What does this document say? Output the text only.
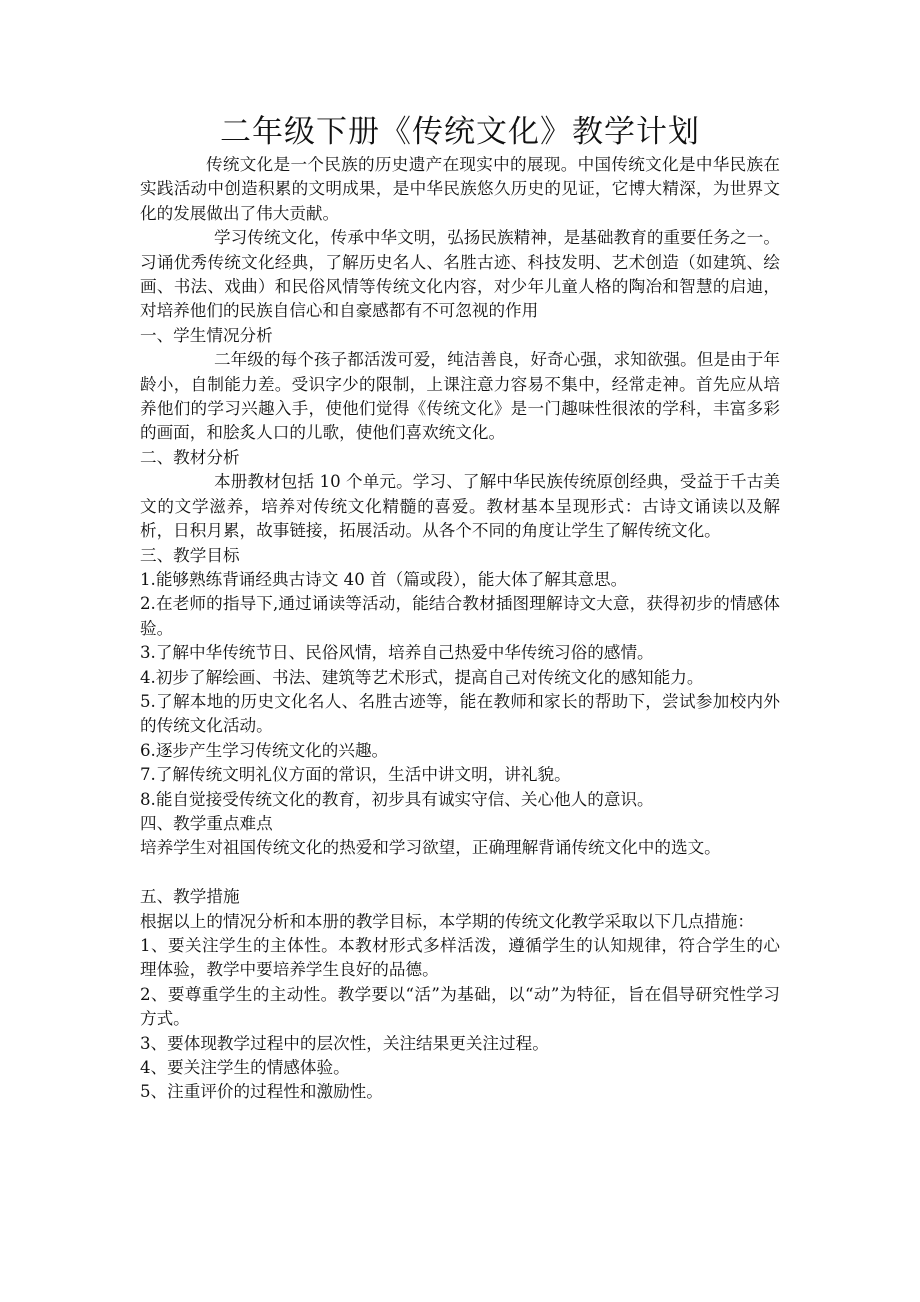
二年级下册《传统文化》教学计划

传统文化是一个民族的历史遗产在现实中的展现。中国传统文化是中华民族在实践活动中创造积累的文明成果，是中华民族悠久历史的见证，它博大精深，为世界文化的发展做出了伟大贡献。

学习传统文化，传承中华文明，弘扬民族精神，是基础教育的重要任务之一。习诵优秀传统文化经典，了解历史名人、名胜古迹、科技发明、艺术创造（如建筑、绘画、书法、戏曲）和民俗风情等传统文化内容，对少年儿童人格的陶冶和智慧的启迪，对培养他们的民族自信心和自豪感都有不可忽视的作用

一、学生情况分析

二年级的每个孩子都活泼可爱，纯洁善良，好奇心强，求知欲强。但是由于年龄小，自制能力差。受识字少的限制，上课注意力容易不集中，经常走神。首先应从培养他们的学习兴趣入手，使他们觉得《传统文化》是一门趣味性很浓的学科，丰富多彩的画面，和脍炙人口的儿歌，使他们喜欢统文化。

二、教材分析

本册教材包括 10 个单元。学习、了解中华民族传统原创经典，受益于千古美文的文学滋养，培养对传统文化精髓的喜爱。教材基本呈现形式：古诗文诵读以及解析，日积月累，故事链接，拓展活动。从各个不同的角度让学生了解传统文化。

三、教学目标

1.能够熟练背诵经典古诗文 40 首（篇或段），能大体了解其意思。

2.在老师的指导下,通过诵读等活动，能结合教材插图理解诗文大意，获得初步的情感体验。

3.了解中华传统节日、民俗风情，培养自己热爱中华传统习俗的感情。

4.初步了解绘画、书法、建筑等艺术形式，提高自己对传统文化的感知能力。

5.了解本地的历史文化名人、名胜古迹等，能在教师和家长的帮助下，尝试参加校内外的传统文化活动。

6.逐步产生学习传统文化的兴趣。

7.了解传统文明礼仪方面的常识，生活中讲文明，讲礼貌。

8.能自觉接受传统文化的教育，初步具有诚实守信、关心他人的意识。

四、教学重点难点

培养学生对祖国传统文化的热爱和学习欲望，正确理解背诵传统文化中的选文。

五、教学措施

根据以上的情况分析和本册的教学目标，本学期的传统文化教学采取以下几点措施：

1、要关注学生的主体性。本教材形式多样活泼，遵循学生的认知规律，符合学生的心理体验，教学中要培养学生良好的品德。

2、要尊重学生的主动性。教学要以“活”为基础，以“动”为特征，旨在倡导研究性学习方式。

3、要体现教学过程中的层次性，关注结果更关注过程。

4、要关注学生的情感体验。

5、注重评价的过程性和激励性。
